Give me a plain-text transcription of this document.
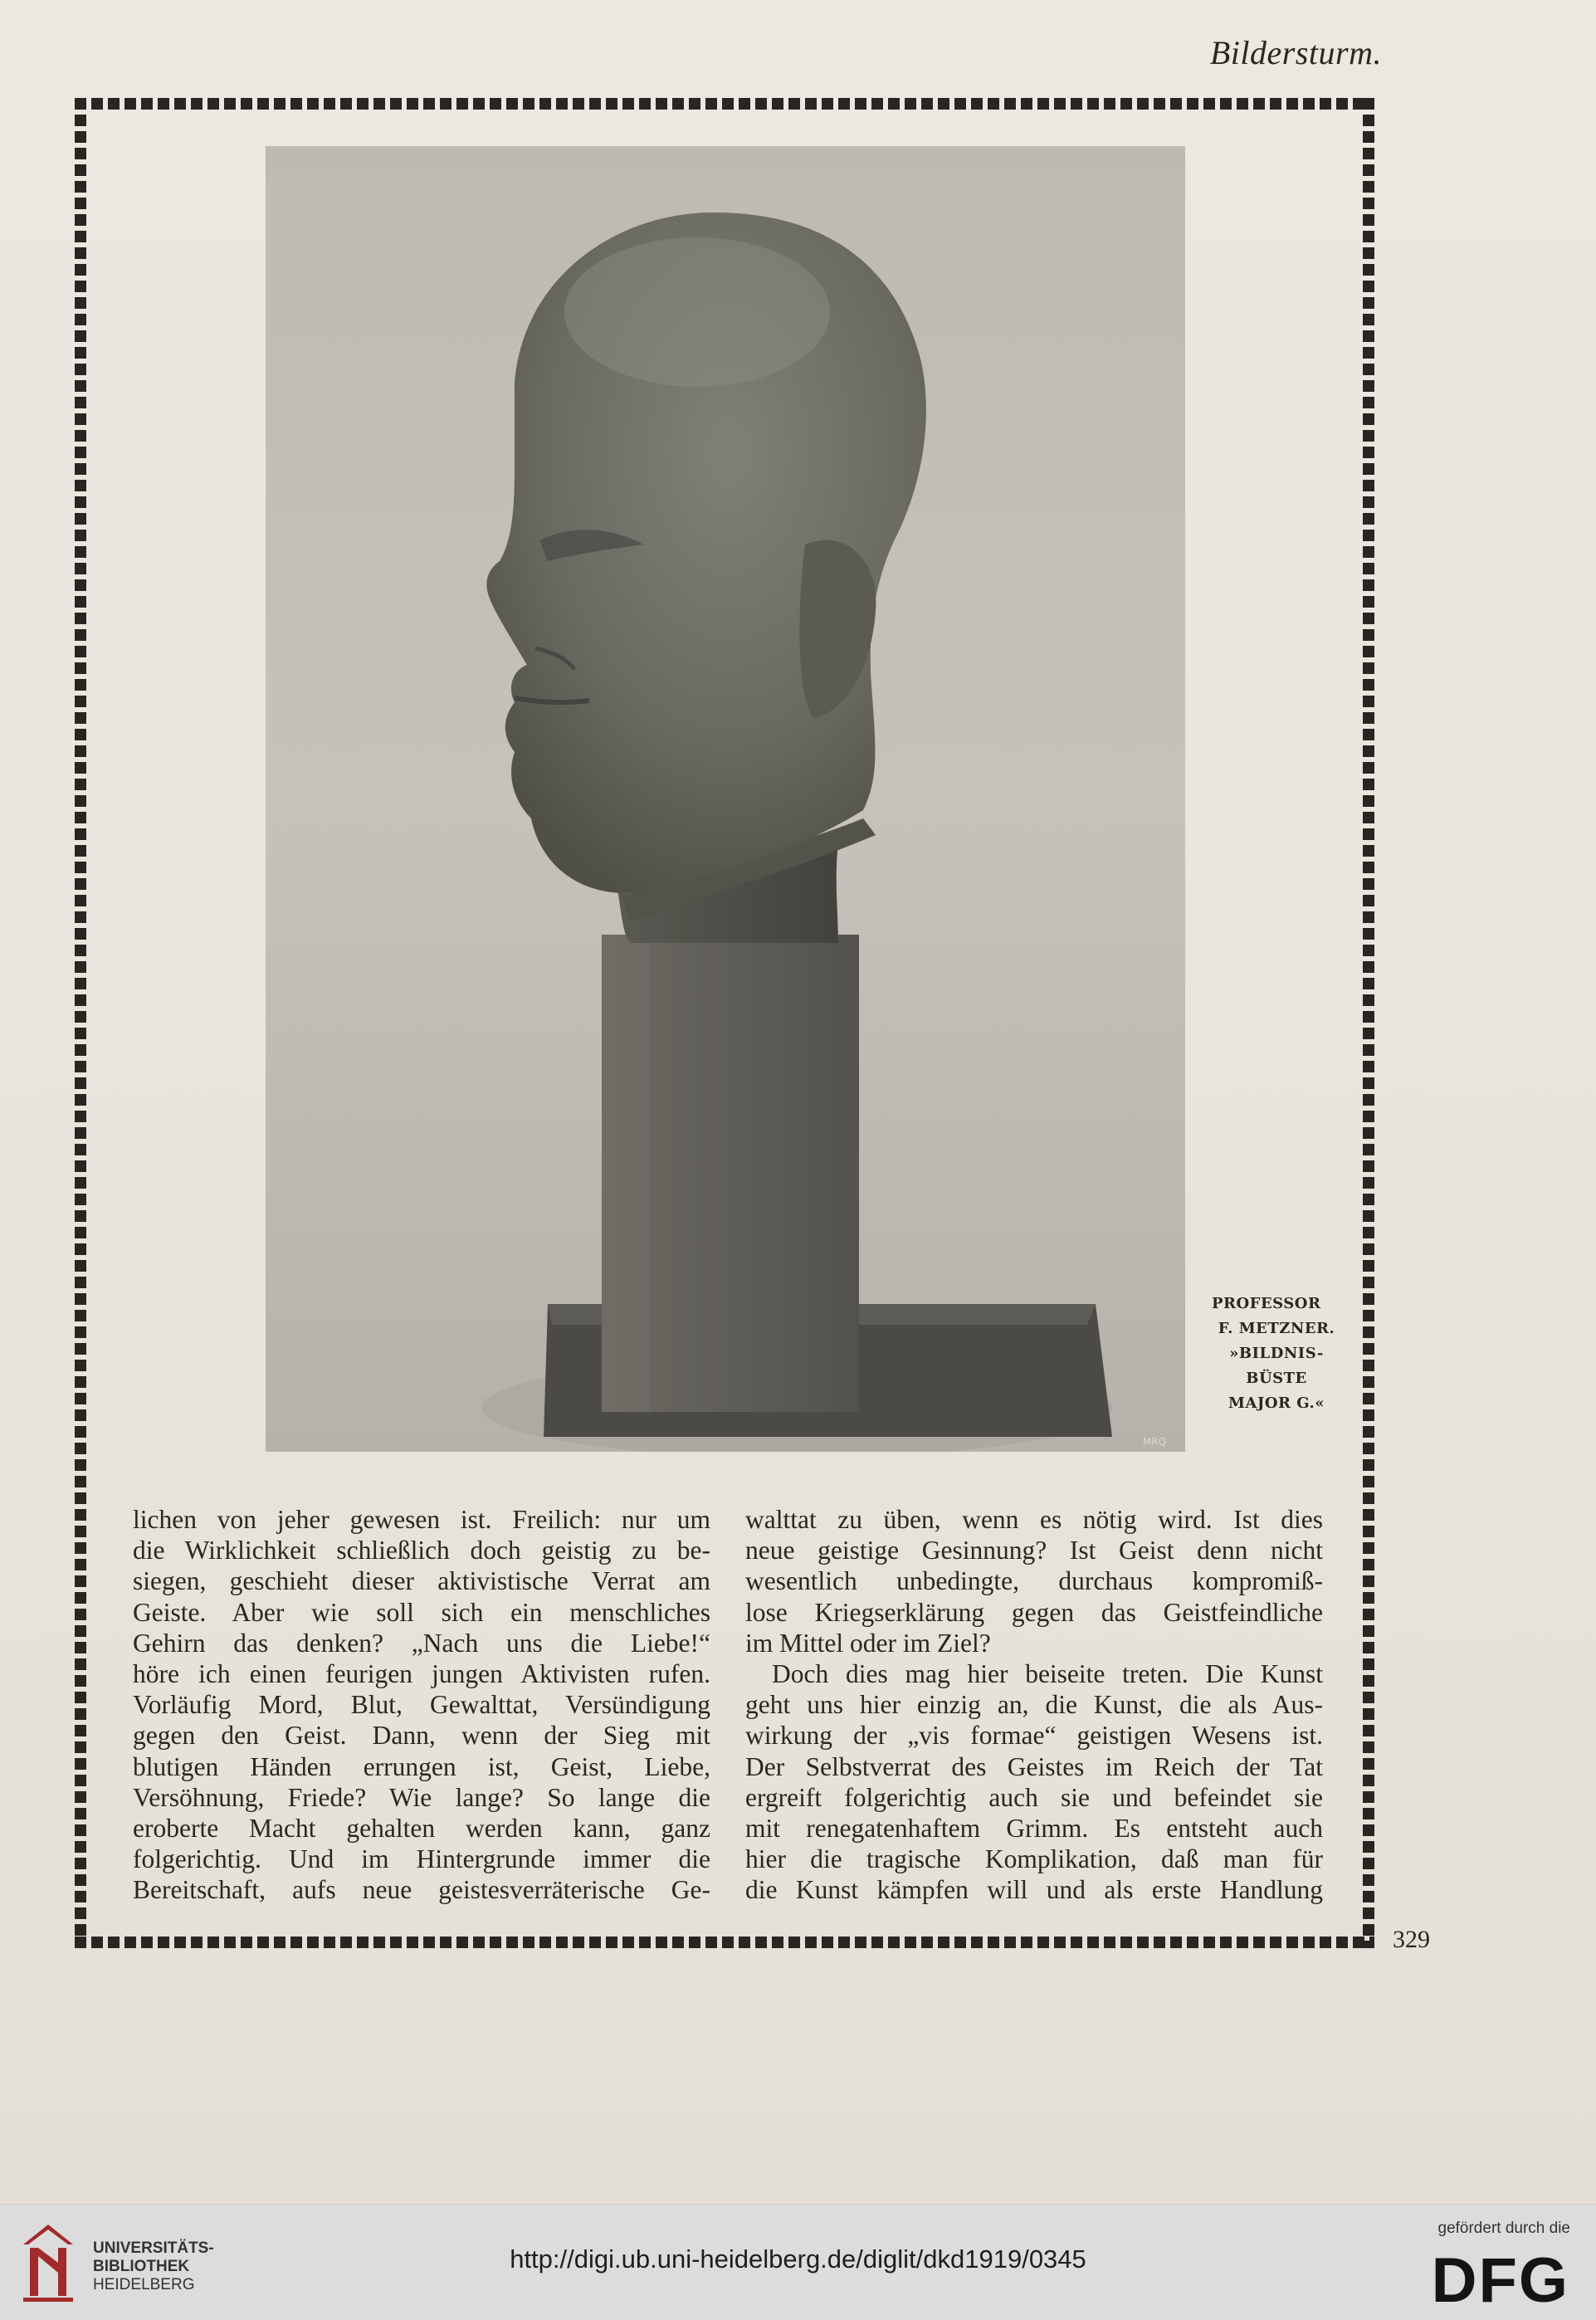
Bildersturm.
329
MRQ
PROFESSOR
F. METZNER.
»BILDNIS-
BÜSTE
MAJOR G.«

lichen von jeher gewesen ist. Freilich: nur um

die Wirklichkeit schließlich doch geistig zu be-

siegen, geschieht dieser aktivistische Verrat am

Geiste. Aber wie soll sich ein menschliches

Gehirn das denken? „Nach uns die Liebe!“

höre ich einen feurigen jungen Aktivisten rufen.

Vorläufig Mord, Blut, Gewalttat, Versündigung

gegen den Geist. Dann, wenn der Sieg mit

blutigen Händen errungen ist, Geist, Liebe,

Versöhnung, Friede? Wie lange? So lange die

eroberte Macht gehalten werden kann, ganz

folgerichtig. Und im Hintergrunde immer die

Bereitschaft, aufs neue geistesverräterische Ge-

walttat zu üben, wenn es nötig wird. Ist dies

neue geistige Gesinnung? Ist Geist denn nicht

wesentlich unbedingte, durchaus kompromiß-

lose Kriegserklärung gegen das Geistfeindliche

im Mittel oder im Ziel?

Doch dies mag hier beiseite treten. Die Kunst

geht uns hier einzig an, die Kunst, die als Aus-

wirkung der „vis formae“ geistigen Wesens ist.

Der Selbstverrat des Geistes im Reich der Tat

ergreift folgerichtig auch sie und befeindet sie

mit renegatenhaftem Grimm. Es entsteht auch

hier die tragische Komplikation, daß man für

die Kunst kämpfen will und als erste Handlung

UNIVERSITÄTS-
BIBLIOTHEK
HEIDELBERG
http://digi.ub.uni-heidelberg.de/diglit/dkd1919/0345
gefördert durch die
DFG
